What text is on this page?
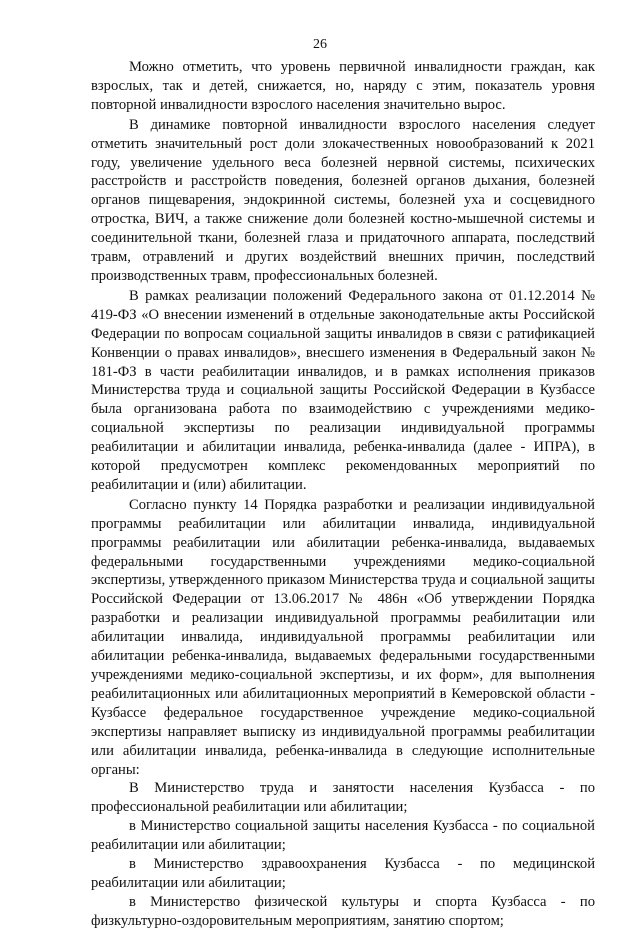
26

Можно отметить, что уровень первичной инвалидности граждан, как взрослых, так и детей, снижается, но, наряду с этим, показатель уровня повторной инвалидности взрослого населения значительно вырос.

В динамике повторной инвалидности взрослого населения следует отметить значительный рост доли злокачественных новообразований к 2021 году, увеличение удельного веса болезней нервной системы, психических расстройств и расстройств поведения, болезней органов дыхания, болезней органов пищеварения, эндокринной системы, болезней уха и сосцевидного отростка, ВИЧ, а также снижение доли болезней костно-мышечной системы и соединительной ткани, болезней глаза и придаточного аппарата, последствий травм, отравлений и других воздействий внешних причин, последствий производственных травм, профессиональных болезней.

В рамках реализации положений Федерального закона от 01.12.2014 № 419-ФЗ «О внесении изменений в отдельные законодательные акты Российской Федерации по вопросам социальной защиты инвалидов в связи с ратификацией Конвенции о правах инвалидов», внесшего изменения в Федеральный закон № 181-ФЗ в части реабилитации инвалидов, и в рамках исполнения приказов Министерства труда и социальной защиты Российской Федерации в Кузбассе была организована работа по взаимодействию с учреждениями медико-социальной экспертизы по реализации индивидуальной программы реабилитации и абилитации инвалида, ребенка-инвалида (далее - ИПРА), в которой предусмотрен комплекс рекомендованных мероприятий по реабилитации и (или) абилитации.

Согласно пункту 14 Порядка разработки и реализации индивидуальной программы реабилитации или абилитации инвалида, индивидуальной программы реабилитации или абилитации ребенка-инвалида, выдаваемых федеральными государственными учреждениями медико-социальной экспертизы, утвержденного приказом Министерства труда и социальной защиты Российской Федерации от 13.06.2017 № 486н «Об утверждении Порядка разработки и реализации индивидуальной программы реабилитации или абилитации инвалида, индивидуальной программы реабилитации или абилитации ребенка-инвалида, выдаваемых федеральными государственными учреждениями медико-социальной экспертизы, и их форм», для выполнения реабилитационных или абилитационных мероприятий в Кемеровской области - Кузбассе федеральное государственное учреждение медико-социальной экспертизы направляет выписку из индивидуальной программы реабилитации или абилитации инвалида, ребенка-инвалида в следующие исполнительные органы:

В Министерство труда и занятости населения Кузбасса - по профессиональной реабилитации или абилитации;

в Министерство социальной защиты населения Кузбасса - по социальной реабилитации или абилитации;

в Министерство здравоохранения Кузбасса - по медицинской реабилитации или абилитации;

в Министерство физической культуры и спорта Кузбасса - по физкультурно-оздоровительным мероприятиям, занятию спортом;
